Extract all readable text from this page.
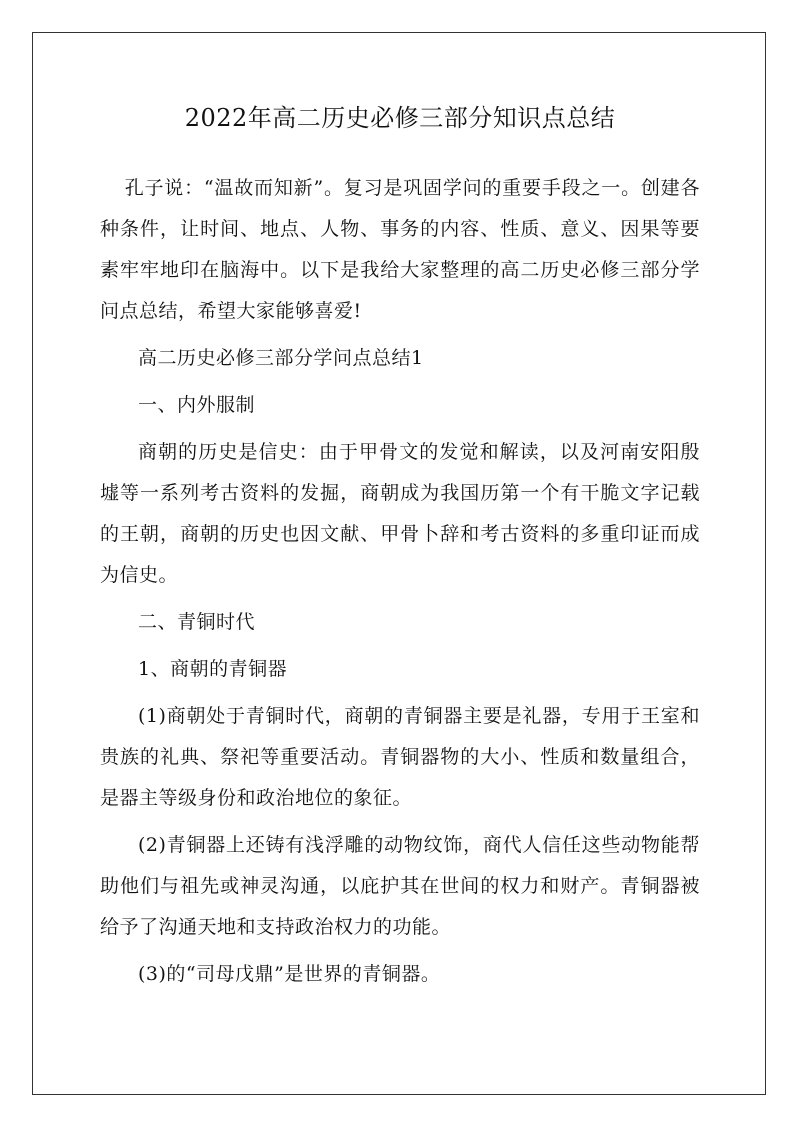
2022年高二历史必修三部分知识点总结

孔子说：“温故而知新”。复习是巩固学问的重要手段之一。创建各种条件，让时间、地点、人物、事务的内容、性质、意义、因果等要素牢牢地印在脑海中。以下是我给大家整理的高二历史必修三部分学问点总结，希望大家能够喜爱!

高二历史必修三部分学问点总结1

一、内外服制

商朝的历史是信史：由于甲骨文的发觉和解读，以及河南安阳殷墟等一系列考古资料的发掘，商朝成为我国历第一个有干脆文字记载的王朝，商朝的历史也因文献、甲骨卜辞和考古资料的多重印证而成为信史。

二、青铜时代

1、商朝的青铜器

(1)商朝处于青铜时代，商朝的青铜器主要是礼器，专用于王室和贵族的礼典、祭祀等重要活动。青铜器物的大小、性质和数量组合，是器主等级身份和政治地位的象征。

(2)青铜器上还铸有浅浮雕的动物纹饰，商代人信任这些动物能帮助他们与祖先或神灵沟通，以庇护其在世间的权力和财产。青铜器被给予了沟通天地和支持政治权力的功能。

(3)的“司母戊鼎”是世界的青铜器。
